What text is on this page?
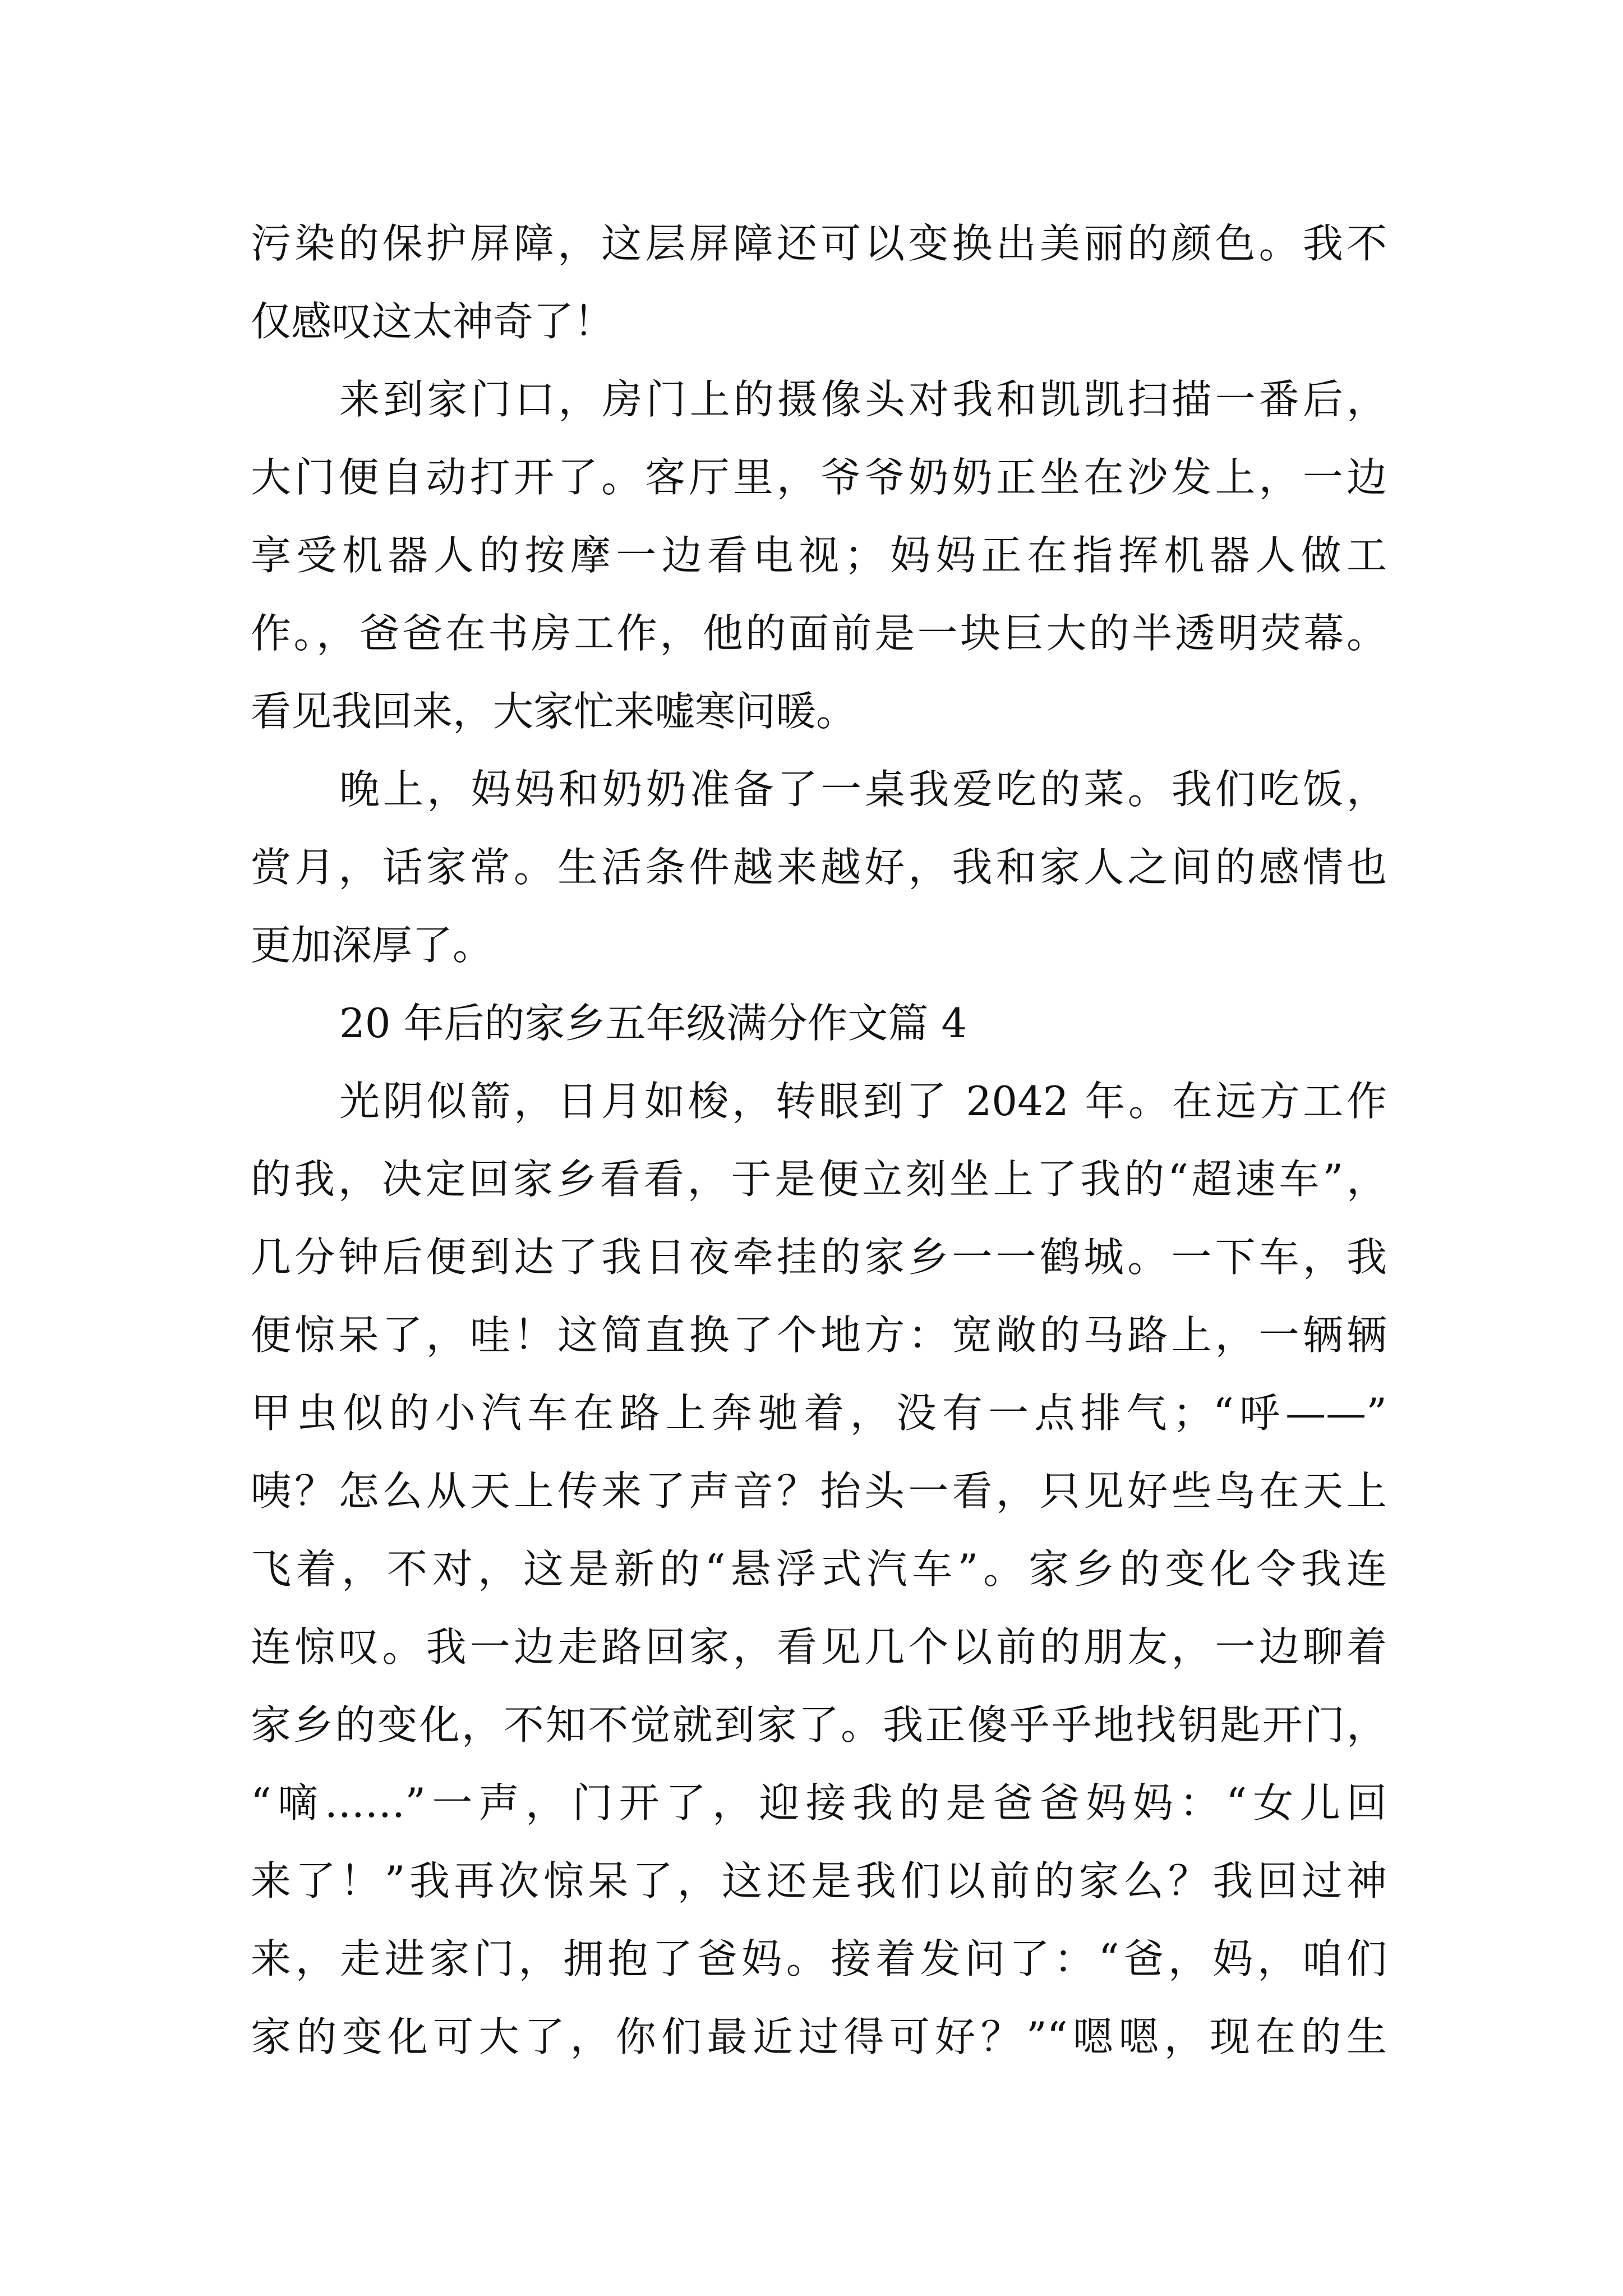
污染的保护屏障，这层屏障还可以变换出美丽的颜色。我不
仅感叹这太神奇了！
来到家门口，房门上的摄像头对我和凯凯扫描一番后，
大门便自动打开了。客厅里，爷爷奶奶正坐在沙发上，一边
享受机器人的按摩一边看电视；妈妈正在指挥机器人做工
作。，爸爸在书房工作，他的面前是一块巨大的半透明荧幕。
看见我回来，大家忙来嘘寒问暖。
晚上，妈妈和奶奶准备了一桌我爱吃的菜。我们吃饭，
赏月，话家常。生活条件越来越好，我和家人之间的感情也
更加深厚了。
20 年后的家乡五年级满分作文篇 4
光阴似箭，日月如梭，转眼到了 2042 年。在远方工作
的我，决定回家乡看看，于是便立刻坐上了我的“超速车”，
几分钟后便到达了我日夜牵挂的家乡一一鹤城。一下车，我
便惊呆了，哇！这简直换了个地方：宽敞的马路上，一辆辆
甲虫似的小汽车在路上奔驰着，没有一点排气；“呼——”
咦？怎么从天上传来了声音？抬头一看，只见好些鸟在天上
飞着，不对，这是新的“悬浮式汽车”。家乡的变化令我连
连惊叹。我一边走路回家，看见几个以前的朋友，一边聊着
家乡的变化，不知不觉就到家了。我正傻乎乎地找钥匙开门，
“嘀……”一声，门开了，迎接我的是爸爸妈妈：“女儿回
来了！”我再次惊呆了，这还是我们以前的家么？我回过神
来，走进家门，拥抱了爸妈。接着发问了：“爸，妈，咱们
家的变化可大了，你们最近过得可好？”“嗯嗯，现在的生
